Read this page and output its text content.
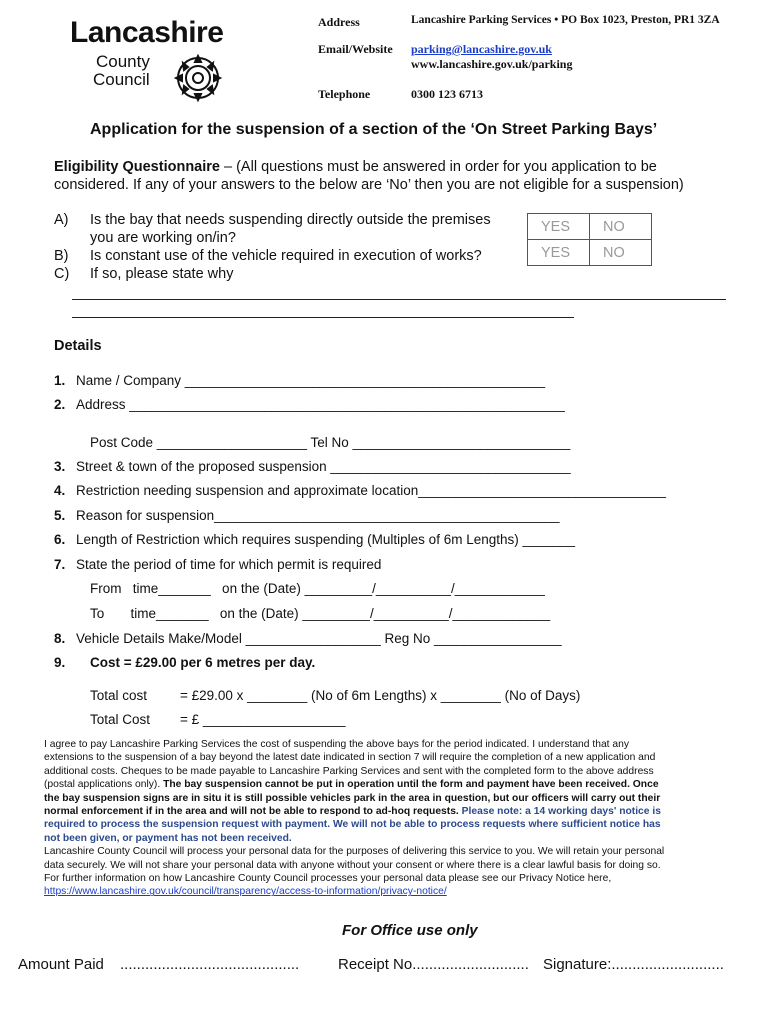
Lancashire
County
Council
Address	Lancashire Parking Services • PO Box 1023, Preston, PR1 3ZA
Email/Website parking@lancashire.gov.uk
www.lancashire.gov.uk/parking
Telephone	0300 123 6713
Application for the suspension of a section of the ‘On Street Parking Bays’
Eligibility Questionnaire – (All questions must be answered in order for you application to be
considered. If any of your answers to the below are ‘No’ then you are not eligible for a suspension)
A) Is the bay that needs suspending directly outside the premises
you are working on/in?
B) Is constant use of the vehicle required in execution of works?
C) If so, please state why
YES	NO
YES	NO
Details
1. Name / Company ________________________________________________
2. Address __________________________________________________________
Post Code ____________________ Tel No _____________________________
3. Street & town of the proposed suspension ________________________________
4. Restriction needing suspension and approximate location_________________________________
5. Reason for suspension______________________________________________
6. Length of Restriction which requires suspending (Multiples of 6m Lengths) _______
7. State the period of time for which permit is required
From   time_______   on the (Date) _________/__________/____________
To       time_______   on the (Date) _________/__________/_____________
8. Vehicle Details Make/Model __________________ Reg No _________________
9. Cost = £29.00 per 6 metres per day.
Total cost = £29.00 x ________ (No of 6m Lengths) x ________ (No of Days)
Total Cost = £ ___________________
I agree to pay Lancashire Parking Services the cost of suspending the above bays for the period indicated. I understand that any
extensions to the suspension of a bay beyond the latest date indicated in section 7 will require the completion of a new application and
additional costs. Cheques to be made payable to Lancashire Parking Services and sent with the completed form to the above address
(postal applications only). The bay suspension cannot be put in operation until the form and payment have been received. Once
the bay suspension signs are in situ it is still possible vehicles park in the area in question, but our officers will carry out their
normal enforcement if in the area and will not be able to respond to ad-hoq requests. Please note: a 14 working days' notice is
required to process the suspension request with payment. We will not be able to process requests where sufficient notice has
not been given, or payment has not been received.
Lancashire County Council will process your personal data for the purposes of delivering this service to you. We will retain your personal
data securely. We will not share your personal data with anyone without your consent or where there is a clear lawful basis for doing so.
For further information on how Lancashire County Council processes your personal data please see our Privacy Notice here,
https://www.lancashire.gov.uk/council/transparency/access-to-information/privacy-notice/
For Office use only
Amount Paid ...........................................	Receipt No............................ Signature:...........................
